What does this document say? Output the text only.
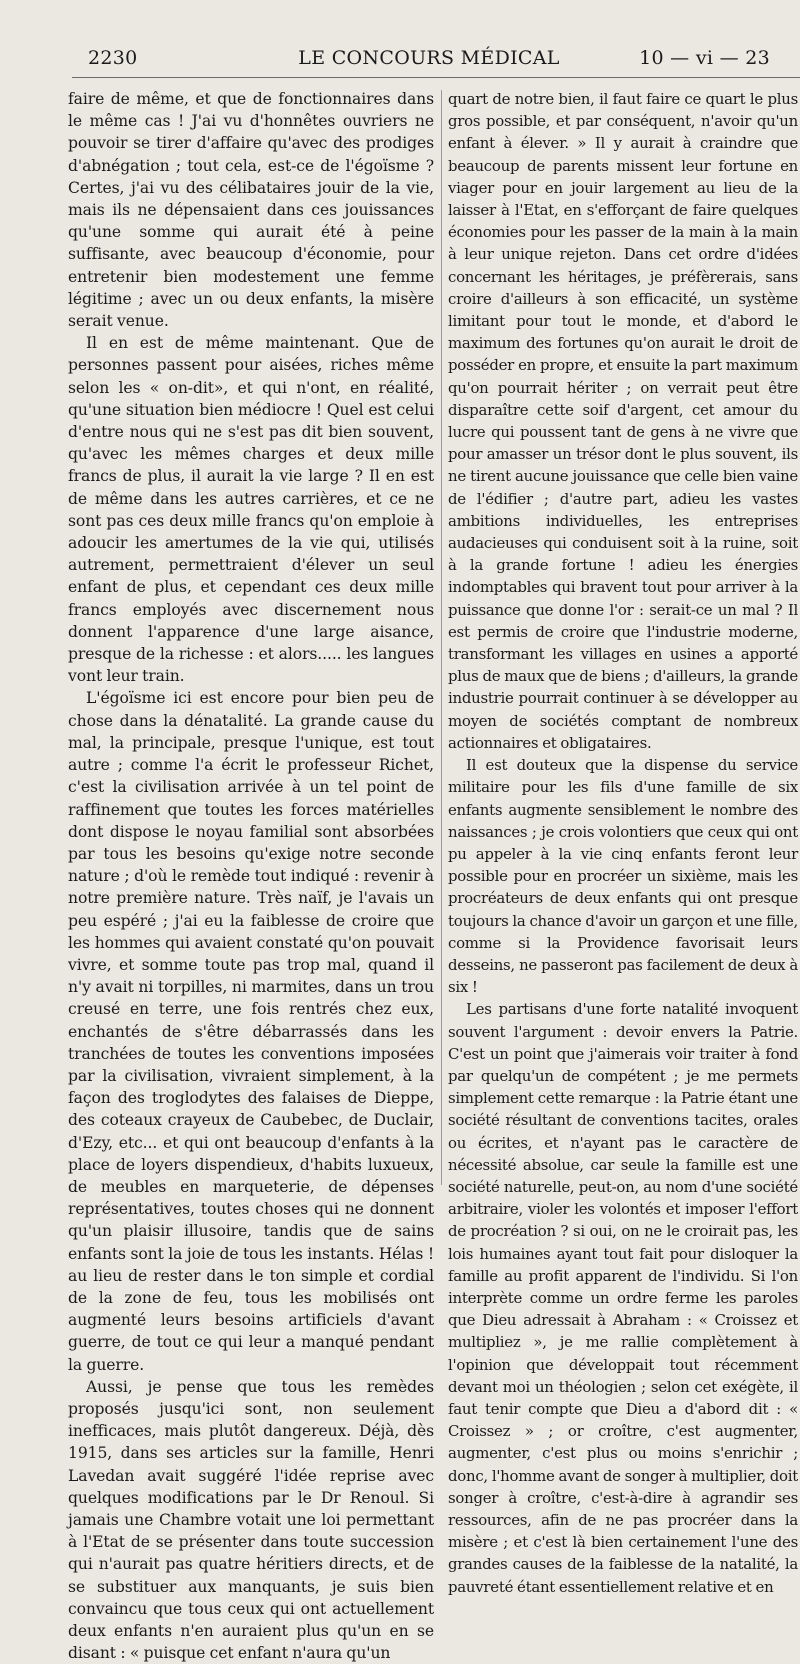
2230	LE CONCOURS MÉDICAL	10 — vi — 23

faire de même, et que de fonctionnaires dans le même cas ! J'ai vu d'honnêtes ouvriers ne pouvoir se tirer d'affaire qu'avec des prodiges d'abnégation ; tout cela, est-ce de l'égoïsme ? Certes, j'ai vu des célibataires jouir de la vie, mais ils ne dépensaient dans ces jouissances qu'une somme qui aurait été à peine suffisante, avec beaucoup d'économie, pour entretenir bien modestement une femme légitime ; avec un ou deux enfants, la misère serait venue.

Il en est de même maintenant. Que de personnes passent pour aisées, riches même selon les « on-dit», et qui n'ont, en réalité, qu'une situation bien médiocre ! Quel est celui d'entre nous qui ne s'est pas dit bien souvent, qu'avec les mêmes charges et deux mille francs de plus, il aurait la vie large ? Il en est de même dans les autres carrières, et ce ne sont pas ces deux mille francs qu'on emploie à adoucir les amertumes de la vie qui, utilisés autrement, permettraient d'élever un seul enfant de plus, et cependant ces deux mille francs employés avec discernement nous donnent l'apparence d'une large aisance, presque de la richesse : et alors..... les langues vont leur train.

L'égoïsme ici est encore pour bien peu de chose dans la dénatalité. La grande cause du mal, la principale, presque l'unique, est tout autre ; comme l'a écrit le professeur Richet, c'est la civilisation arrivée à un tel point de raffinement que toutes les forces matérielles dont dispose le noyau familial sont absorbées par tous les besoins qu'exige notre seconde nature ; d'où le remède tout indiqué : revenir à notre première nature. Très naïf, je l'avais un peu espéré ; j'ai eu la faiblesse de croire que les hommes qui avaient constaté qu'on pouvait vivre, et somme toute pas trop mal, quand il n'y avait ni torpilles, ni marmites, dans un trou creusé en terre, une fois rentrés chez eux, enchantés de s'être débarrassés dans les tranchées de toutes les conventions imposées par la civilisation, vivraient simplement, à la façon des troglodytes des falaises de Dieppe, des coteaux crayeux de Caubebec, de Duclair, d'Ezy, etc... et qui ont beaucoup d'enfants à la place de loyers dispendieux, d'habits luxueux, de meubles en marqueterie, de dépenses représentatives, toutes choses qui ne donnent qu'un plaisir illusoire, tandis que de sains enfants sont la joie de tous les instants. Hélas ! au lieu de rester dans le ton simple et cordial de la zone de feu, tous les mobilisés ont augmenté leurs besoins artificiels d'avant guerre, de tout ce qui leur a manqué pendant la guerre.

Aussi, je pense que tous les remèdes proposés jusqu'ici sont, non seulement inefficaces, mais plutôt dangereux. Déjà, dès 1915, dans ses articles sur la famille, Henri Lavedan avait suggéré l'idée reprise avec quelques modifications par le Dr Renoul. Si jamais une Chambre votait une loi permettant à l'Etat de se présenter dans toute succession qui n'aurait pas quatre héritiers directs, et de se substituer aux manquants, je suis bien convaincu que tous ceux qui ont actuellement deux enfants n'en auraient plus qu'un en se disant : « puisque cet enfant n'aura qu'un

quart de notre bien, il faut faire ce quart le plus gros possible, et par conséquent, n'avoir qu'un enfant à élever. » Il y aurait à craindre que beaucoup de parents missent leur fortune en viager pour en jouir largement au lieu de la laisser à l'Etat, en s'efforçant de faire quelques économies pour les passer de la main à la main à leur unique rejeton. Dans cet ordre d'idées concernant les héritages, je préfèrerais, sans croire d'ailleurs à son efficacité, un système limitant pour tout le monde, et d'abord le maximum des fortunes qu'on aurait le droit de posséder en propre, et ensuite la part maximum qu'on pourrait hériter ; on verrait peut être disparaître cette soif d'argent, cet amour du lucre qui poussent tant de gens à ne vivre que pour amasser un trésor dont le plus souvent, ils ne tirent aucune jouissance que celle bien vaine de l'édifier ; d'autre part, adieu les vastes ambitions individuelles, les entreprises audacieuses qui conduisent soit à la ruine, soit à la grande fortune ! adieu les énergies indomptables qui bravent tout pour arriver à la puissance que donne l'or : serait-ce un mal ? Il est permis de croire que l'industrie moderne, transformant les villages en usines a apporté plus de maux que de biens ; d'ailleurs, la grande industrie pourrait continuer à se développer au moyen de sociétés comptant de nombreux actionnaires et obligataires.

Il est douteux que la dispense du service militaire pour les fils d'une famille de six enfants augmente sensiblement le nombre des naissances ; je crois volontiers que ceux qui ont pu appeler à la vie cinq enfants feront leur possible pour en procréer un sixième, mais les procréateurs de deux enfants qui ont presque toujours la chance d'avoir un garçon et une fille, comme si la Providence favorisait leurs desseins, ne passeront pas facilement de deux à six !

Les partisans d'une forte natalité invoquent souvent l'argument : devoir envers la Patrie. C'est un point que j'aimerais voir traiter à fond par quelqu'un de compétent ; je me permets simplement cette remarque : la Patrie étant une société résultant de conventions tacites, orales ou écrites, et n'ayant pas le caractère de nécessité absolue, car seule la famille est une société naturelle, peut-on, au nom d'une société arbitraire, violer les volontés et imposer l'effort de procréation ? si oui, on ne le croirait pas, les lois humaines ayant tout fait pour disloquer la famille au profit apparent de l'individu. Si l'on interprète comme un ordre ferme les paroles que Dieu adressait à Abraham : « Croissez et multipliez », je me rallie complètement à l'opinion que développait tout récemment devant moi un théologien ; selon cet exégète, il faut tenir compte que Dieu a d'abord dit : « Croissez » ; or croître, c'est augmenter, augmenter, c'est plus ou moins s'enrichir ; donc, l'homme avant de songer à multiplier, doit songer à croître, c'est-à-dire à agrandir ses ressources, afin de ne pas procréer dans la misère ; et c'est là bien certainement l'une des grandes causes de la faiblesse de la natalité, la pauvreté étant essentiellement relative et en
